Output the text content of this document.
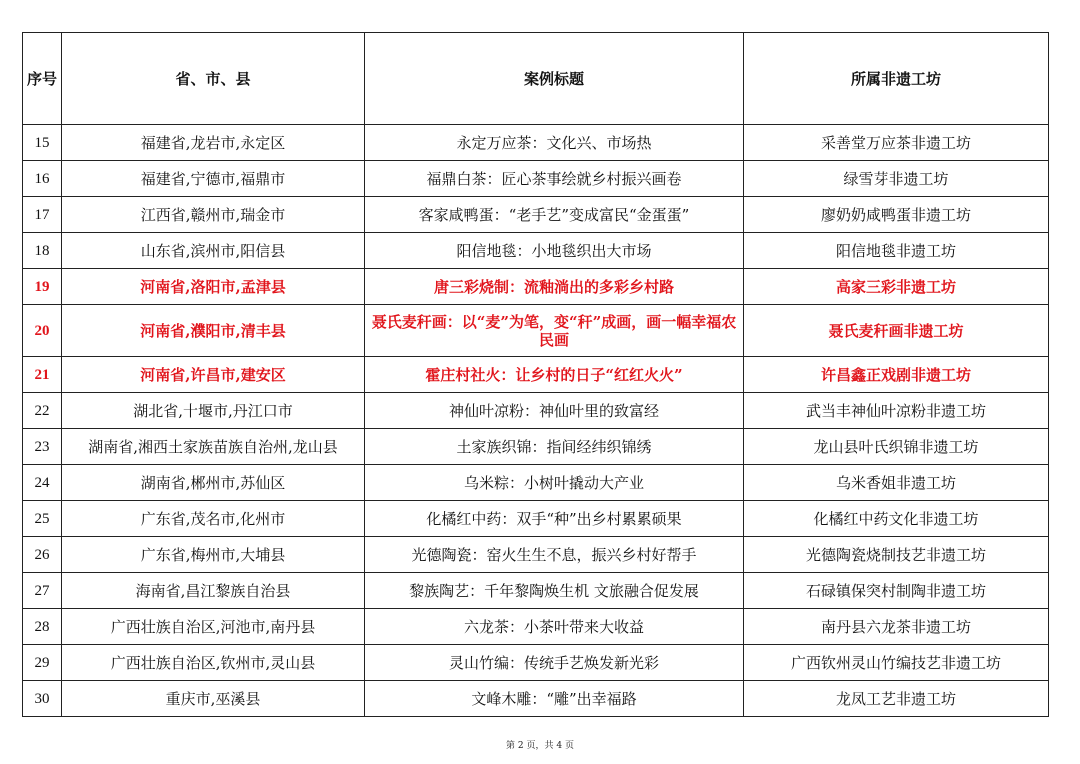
序号	省、市、县	案例标题	所属非遗工坊
15	福建省,龙岩市,永定区	永定万应茶：文化兴、市场热	采善堂万应茶非遗工坊
16	福建省,宁德市,福鼎市	福鼎白茶：匠心茶事绘就乡村振兴画卷	绿雪芽非遗工坊
17	江西省,赣州市,瑞金市	客家咸鸭蛋：“老手艺”变成富民“金蛋蛋”	廖奶奶咸鸭蛋非遗工坊
18	山东省,滨州市,阳信县	阳信地毯：小地毯织出大市场	阳信地毯非遗工坊
19	河南省,洛阳市,孟津县	唐三彩烧制：流釉淌出的多彩乡村路	高家三彩非遗工坊
20	河南省,濮阳市,清丰县	聂氏麦秆画：以“麦”为笔，变“秆”成画，画一幅幸福农民画	聂氏麦秆画非遗工坊
21	河南省,许昌市,建安区	霍庄村社火：让乡村的日子“红红火火”	许昌鑫正戏剧非遗工坊
22	湖北省,十堰市,丹江口市	神仙叶凉粉：神仙叶里的致富经	武当丰神仙叶凉粉非遗工坊
23	湖南省,湘西土家族苗族自治州,龙山县	土家族织锦：指间经纬织锦绣	龙山县叶氏织锦非遗工坊
24	湖南省,郴州市,苏仙区	乌米粽：小树叶撬动大产业	乌米香姐非遗工坊
25	广东省,茂名市,化州市	化橘红中药：双手“种”出乡村累累硕果	化橘红中药文化非遗工坊
26	广东省,梅州市,大埔县	光德陶瓷：窑火生生不息，振兴乡村好帮手	光德陶瓷烧制技艺非遗工坊
27	海南省,昌江黎族自治县	黎族陶艺：千年黎陶焕生机 文旅融合促发展	石碌镇保突村制陶非遗工坊
28	广西壮族自治区,河池市,南丹县	六龙茶：小茶叶带来大收益	南丹县六龙茶非遗工坊
29	广西壮族自治区,钦州市,灵山县	灵山竹编：传统手艺焕发新光彩	广西钦州灵山竹编技艺非遗工坊
30	重庆市,巫溪县	文峰木雕：“雕”出幸福路	龙凤工艺非遗工坊
第 2 页，共 4 页
